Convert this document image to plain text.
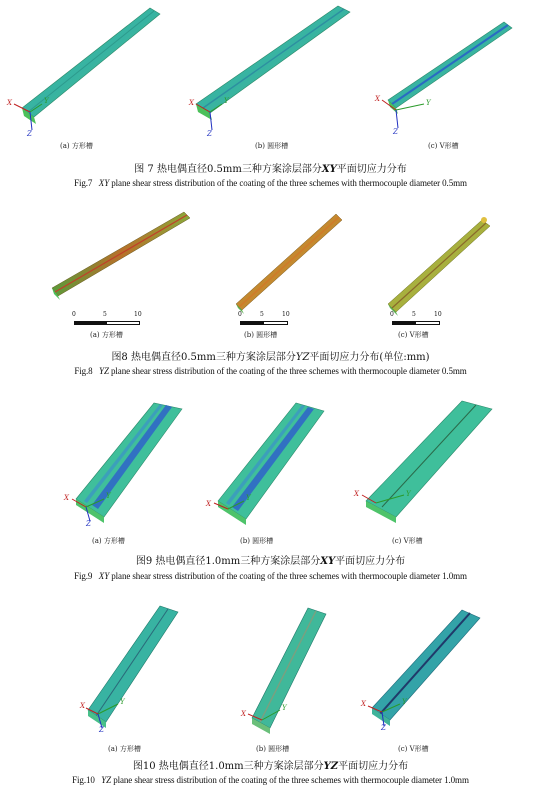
X	Y
Z
X	Y
Z
X	Y
Z
(a) 方形槽	(b) 圆形槽	(c) V形槽
图 7 热电偶直径0.5mm三种方案涂层部分XY平面切应力分布
Fig.7 XY plane shear stress distribution of the coating of the three schemes with thermocouple diameter 0.5mm
0	5	10	0	5	10	0	5	10
(a) 方形槽	(b) 圆形槽	(c) V形槽
图8 热电偶直径0.5mm三种方案涂层部分YZ平面切应力分布(单位:mm)
Fig.8 YZ plane shear stress distribution of the coating of the three schemes with thermocouple diameter 0.5mm
X	Y
Z
X
Y	X	Y
(a) 方形槽	(b) 圆形槽	(c) V形槽
图9 热电偶直径1.0mm三种方案涂层部分XY平面切应力分布
Fig.9 XY plane shear stress distribution of the coating of the three schemes with thermocouple diameter 1.0mm
X	Y
Z
X
Y	X	Y
Z
(a) 方形槽	(b) 圆形槽	(c) V形槽
图10 热电偶直径1.0mm三种方案涂层部分YZ平面切应力分布
Fig.10 YZ plane shear stress distribution of the coating of the three schemes with thermocouple diameter 1.0mm
